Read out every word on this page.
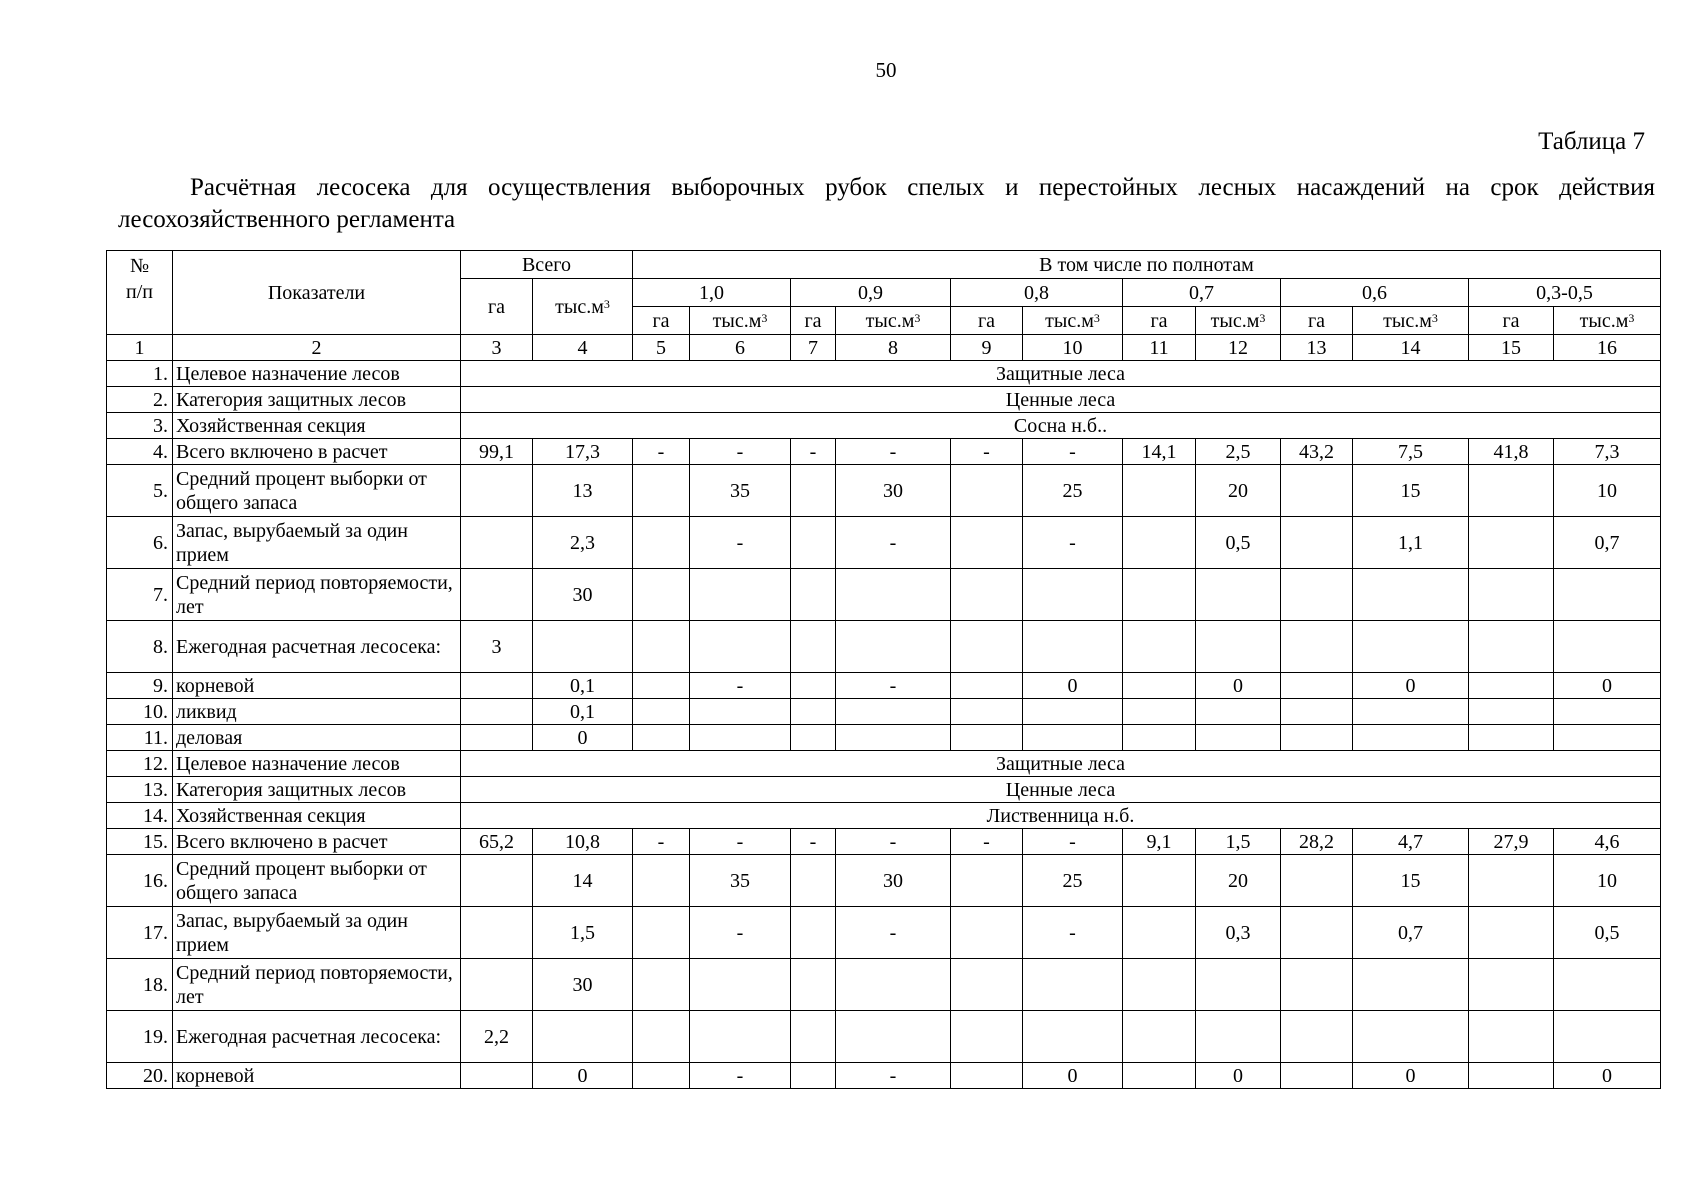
50
Таблица 7
Расчётная лесосека для осуществления выборочных рубок спелых и перестойных лесных насаждений на срок действия лесохозяйственного регламента
№
п/п	Показатели	Всего		В том числе по полнотам											
		га	$тыс.м^3$	1,0		0,9		0,8		0,7		0,6		0,3-0,5	
				га	$тыс.м^3$	га	$тыс.м^3$	га	$тыс.м^3$	га	$тыс.м^3$	га	$тыс.м^3$	га	$тыс.м^3$
1	2	3	4	5	6	7	8	9	10	11	12	13	14	15	16
1.	Целевое назначение лесов	Защитные леса													
2.	Категория защитных лесов	Ценные леса													
3.	Хозяйственная секция	Сосна н.б..													
4.	Всего включено в расчет	99,1	17,3	-	-	-	-	-	-	14,1	2,5	43,2	7,5	41,8	7,3
5.	Средний процент выборки от общего запаса		13		35		30		25		20		15		10
6.	Запас, вырубаемый за один прием		2,3		-		-		-		0,5		1,1		0,7
7.	Средний период повторяемости, лет		30												
8.	Ежегодная расчетная лесосека:	3													
9.	корневой		0,1		-		-		0		0		0		0
10.	ликвид		0,1												
11.	деловая		0												
12.	Целевое назначение лесов	Защитные леса													
13.	Категория защитных лесов	Ценные леса													
14.	Хозяйственная секция	Лиственница н.б.													
15.	Всего включено в расчет	65,2	10,8	-	-	-	-	-	-	9,1	1,5	28,2	4,7	27,9	4,6
16.	Средний процент выборки от общего запаса		14		35		30		25		20		15		10
17.	Запас, вырубаемый за один прием		1,5		-		-		-		0,3		0,7		0,5
18.	Средний период повторяемости, лет		30												
19.	Ежегодная расчетная лесосека:	2,2													
20.	корневой		0		-		-		0		0		0		0
